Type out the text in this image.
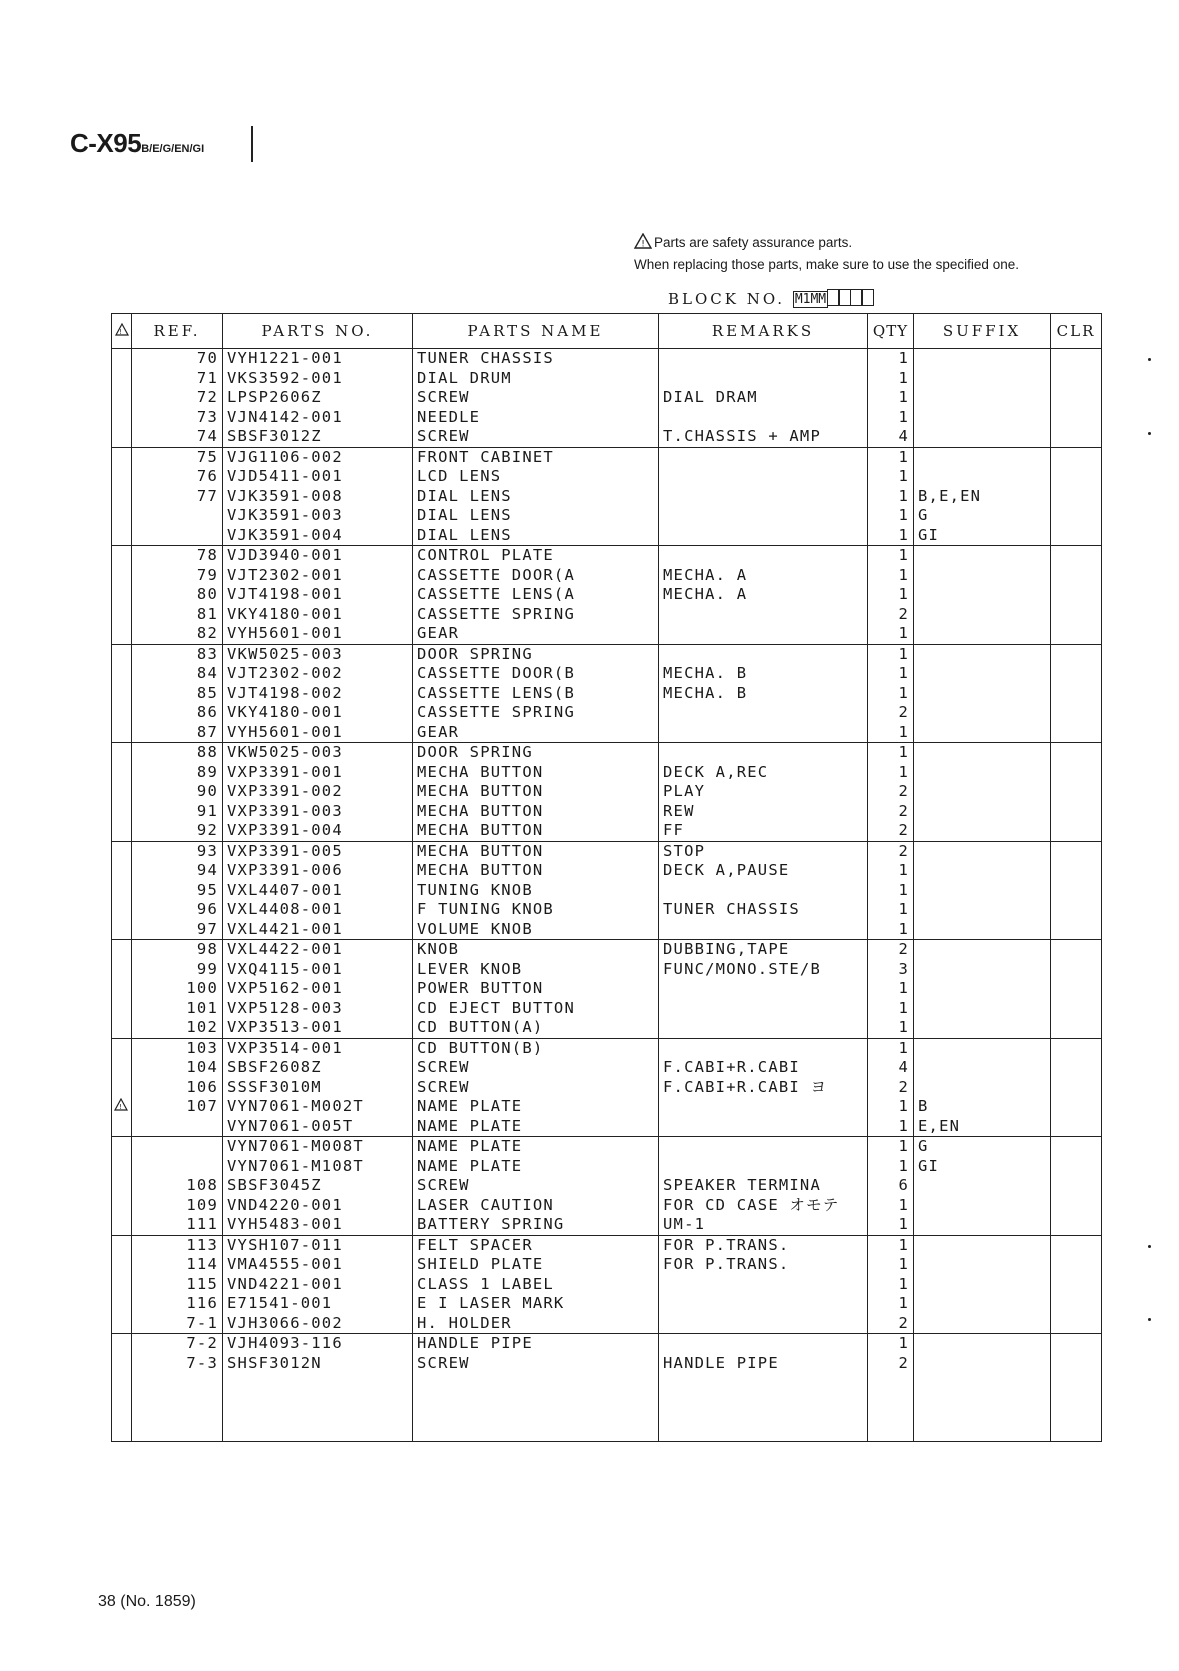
C-X95B/E/G/EN/GI
! Parts are safety assurance parts.
When replacing those parts, make sure to use the specified one.
BLOCK NO. M1MM
!	REF.	PARTS NO.	PARTS NAME	REMARKS	QTY	SUFFIX	CLR
	70	VYH1221-001	TUNER CHASSIS		1		
	71	VKS3592-001	DIAL DRUM		1		
	72	LPSP2606Z	SCREW	DIAL DRAM	1		
	73	VJN4142-001	NEEDLE		1		
	74	SBSF3012Z	SCREW	T.CHASSIS + AMP	4		
	75	VJG1106-002	FRONT CABINET		1		
	76	VJD5411-001	LCD LENS		1		
	77	VJK3591-008	DIAL LENS		1	B,E,EN	
		VJK3591-003	DIAL LENS		1	G	
		VJK3591-004	DIAL LENS		1	GI	
	78	VJD3940-001	CONTROL PLATE		1		
	79	VJT2302-001	CASSETTE DOOR(A	MECHA. A	1		
	80	VJT4198-001	CASSETTE LENS(A	MECHA. A	1		
	81	VKY4180-001	CASSETTE SPRING		2		
	82	VYH5601-001	GEAR		1		
	83	VKW5025-003	DOOR SPRING		1		
	84	VJT2302-002	CASSETTE DOOR(B	MECHA. B	1		
	85	VJT4198-002	CASSETTE LENS(B	MECHA. B	1		
	86	VKY4180-001	CASSETTE SPRING		2		
	87	VYH5601-001	GEAR		1		
	88	VKW5025-003	DOOR SPRING		1		
	89	VXP3391-001	MECHA BUTTON	DECK A,REC	1		
	90	VXP3391-002	MECHA BUTTON	PLAY	2		
	91	VXP3391-003	MECHA BUTTON	REW	2		
	92	VXP3391-004	MECHA BUTTON	FF	2		
	93	VXP3391-005	MECHA BUTTON	STOP	2		
	94	VXP3391-006	MECHA BUTTON	DECK A,PAUSE	1		
	95	VXL4407-001	TUNING KNOB		1		
	96	VXL4408-001	F TUNING KNOB	TUNER CHASSIS	1		
	97	VXL4421-001	VOLUME KNOB		1		
	98	VXL4422-001	KNOB	DUBBING,TAPE	2		
	99	VXQ4115-001	LEVER KNOB	FUNC/MONO.STE/B	3		
	100	VXP5162-001	POWER BUTTON		1		
	101	VXP5128-003	CD EJECT BUTTON		1		
	102	VXP3513-001	CD BUTTON(A)		1		
	103	VXP3514-001	CD BUTTON(B)		1		
	104	SBSF2608Z	SCREW	F.CABI+R.CABI	4		
	106	SSSF3010M	SCREW	F.CABI+R.CABI ヨ	2		

!	107	VYN7061-M002T	NAME PLATE		1	B	
		VYN7061-005T	NAME PLATE		1	E,EN	
		VYN7061-M008T	NAME PLATE		1	G	
		VYN7061-M108T	NAME PLATE		1	GI	
	108	SBSF3045Z	SCREW	SPEAKER TERMINA	6		
	109	VND4220-001	LASER CAUTION	FOR CD CASE オモテ	1		
	111	VYH5483-001	BATTERY SPRING	UM-1	1		
	113	VYSH107-011	FELT SPACER	FOR P.TRANS.	1		
	114	VMA4555-001	SHIELD PLATE	FOR P.TRANS.	1		
	115	VND4221-001	CLASS 1 LABEL		1		
	116	E71541-001	E I LASER MARK		1		
	7-1	VJH3066-002	H. HOLDER		2		
	7-2	VJH4093-116	HANDLE PIPE		1		
	7-3	SHSF3012N	SCREW	HANDLE PIPE	2		

38 (No. 1859)
